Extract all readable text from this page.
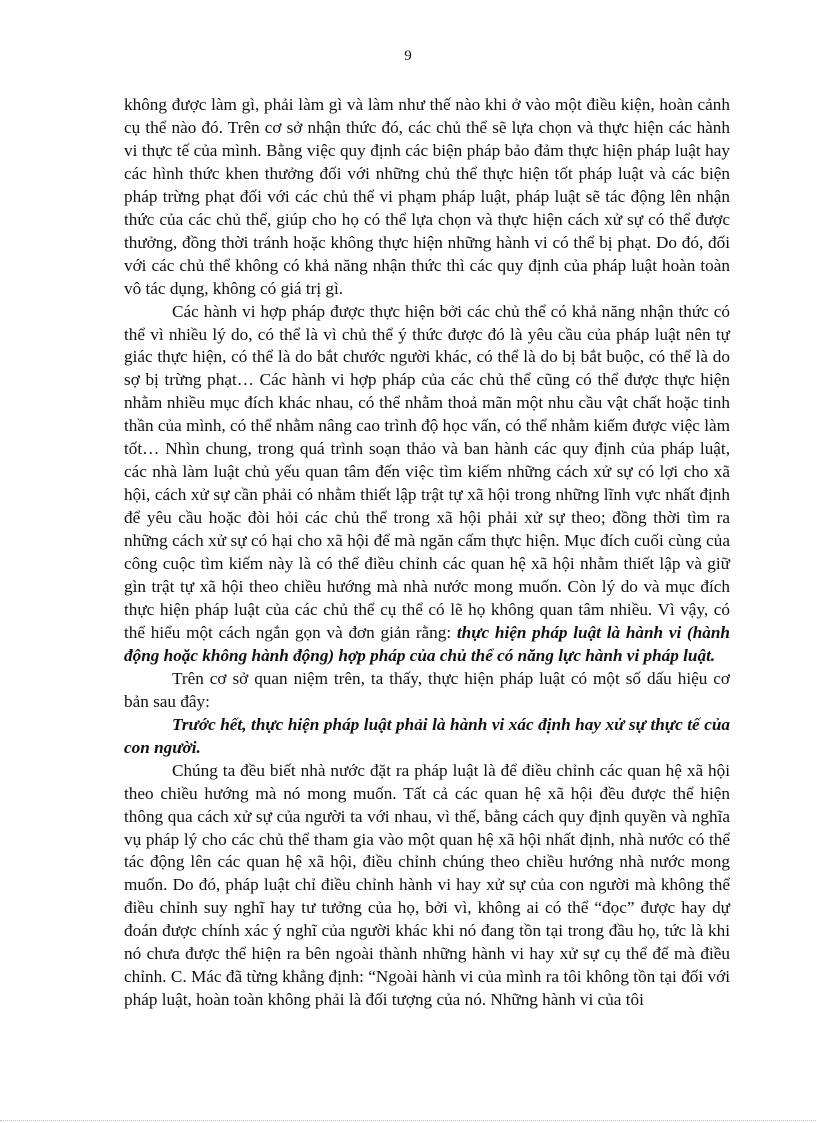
9

không được làm gì, phải làm gì và làm như thế nào khi ở vào một điều kiện, hoàn cảnh cụ thể nào đó. Trên cơ sở nhận thức đó, các chủ thể sẽ lựa chọn và thực hiện các hành vi thực tế của mình. Bằng việc quy định các biện pháp bảo đảm thực hiện pháp luật hay các hình thức khen thưởng đối với những chủ thể thực hiện tốt pháp luật và các biện pháp trừng phạt đối với các chủ thể vi phạm pháp luật, pháp luật sẽ tác động lên nhận thức của các chủ thể, giúp cho họ có thể lựa chọn và thực hiện cách xử sự có thể được thưởng, đồng thời tránh hoặc không thực hiện những hành vi có thể bị phạt. Do đó, đối với các chủ thể không có khả năng nhận thức thì các quy định của pháp luật hoàn toàn vô tác dụng, không có giá trị gì.

Các hành vi hợp pháp được thực hiện bởi các chủ thể có khả năng nhận thức có thể vì nhiều lý do, có thể là vì chủ thể ý thức được đó là yêu cầu của pháp luật nên tự giác thực hiện, có thể là do bắt chước người khác, có thể là do bị bắt buộc, có thể là do sợ bị trừng phạt… Các hành vi hợp pháp của các chủ thể cũng có thể được thực hiện nhằm nhiều mục đích khác nhau, có thể nhằm thoả mãn một nhu cầu vật chất hoặc tinh thần của mình, có thể nhằm nâng cao trình độ học vấn, có thể nhằm kiếm được việc làm tốt… Nhìn chung, trong quá trình soạn thảo và ban hành các quy định của pháp luật, các nhà làm luật chủ yếu quan tâm đến việc tìm kiếm những cách xử sự có lợi cho xã hội, cách xử sự cần phải có nhằm thiết lập trật tự xã hội trong những lĩnh vực nhất định để yêu cầu hoặc đòi hỏi các chủ thể trong xã hội phải xử sự theo; đồng thời tìm ra những cách xử sự có hại cho xã hội để mà ngăn cấm thực hiện. Mục đích cuối cùng của công cuộc tìm kiếm này là có thể điều chỉnh các quan hệ xã hội nhằm thiết lập và giữ gìn trật tự xã hội theo chiều hướng mà nhà nước mong muốn. Còn lý do và mục đích thực hiện pháp luật của các chủ thể cụ thể có lẽ họ không quan tâm nhiều. Vì vậy, có thể hiểu một cách ngắn gọn và đơn giản rằng: thực hiện pháp luật là hành vi (hành động hoặc không hành động) hợp pháp của chủ thể có năng lực hành vi pháp luật.

Trên cơ sở quan niệm trên, ta thấy, thực hiện pháp luật có một số dấu hiệu cơ bản sau đây:

Trước hết, thực hiện pháp luật phải là hành vi xác định hay xử sự thực tế của con người.

Chúng ta đều biết nhà nước đặt ra pháp luật là để điều chỉnh các quan hệ xã hội theo chiều hướng mà nó mong muốn. Tất cả các quan hệ xã hội đều được thể hiện thông qua cách xử sự của người ta với nhau, vì thế, bằng cách quy định quyền và nghĩa vụ pháp lý cho các chủ thể tham gia vào một quan hệ xã hội nhất định, nhà nước có thể tác động lên các quan hệ xã hội, điều chỉnh chúng theo chiều hướng nhà nước mong muốn. Do đó, pháp luật chỉ điều chỉnh hành vi hay xử sự của con người mà không thể điều chỉnh suy nghĩ hay tư tưởng của họ, bởi vì, không ai có thể “đọc” được hay dự đoán được chính xác ý nghĩ của người khác khi nó đang tồn tại trong đầu họ, tức là khi nó chưa được thể hiện ra bên ngoài thành những hành vi hay xử sự cụ thể để mà điều chỉnh. C. Mác đã từng khẳng định: “Ngoài hành vi của mình ra tôi không tồn tại đối với pháp luật, hoàn toàn không phải là đối tượng của nó. Những hành vi của tôi
